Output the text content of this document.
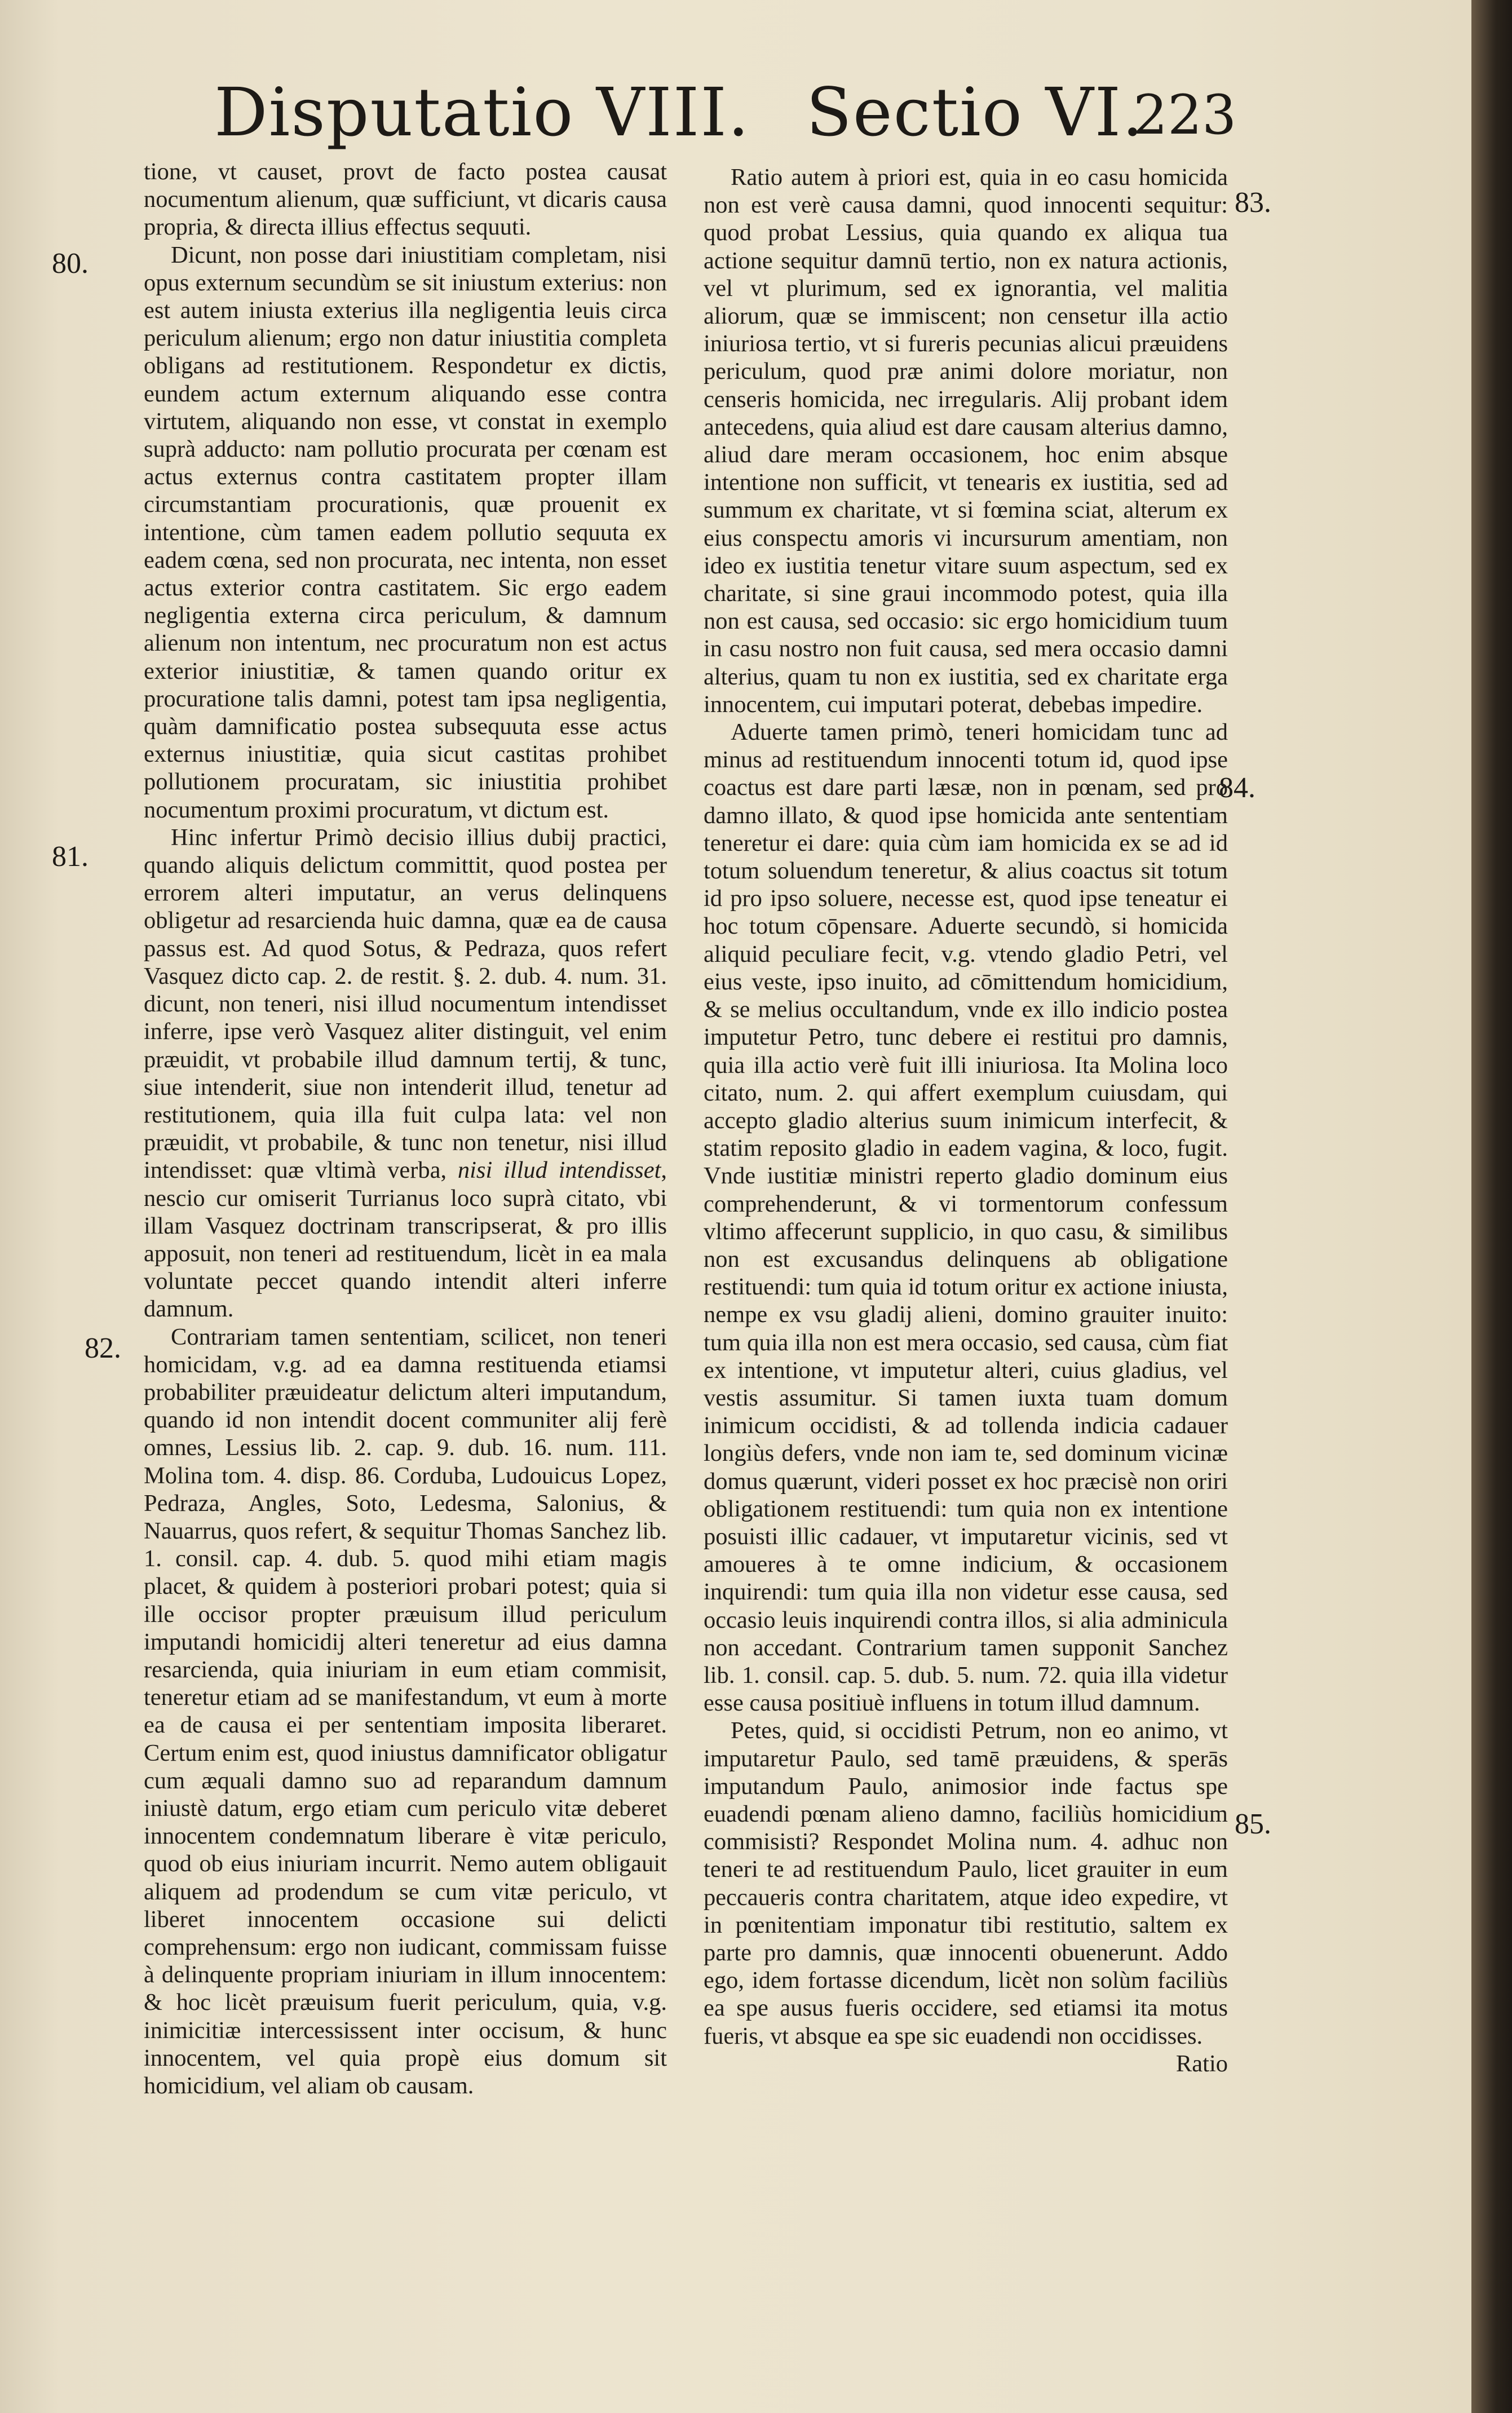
Disputatio VIII. Sectio VI.
223
80.
81.
82.
83.
84.
85.

tione, vt causet, provt de facto postea causat nocumentum alienum, quæ sufficiunt, vt dicaris causa propria, & directa illius effectus sequuti.

Dicunt, non posse dari iniustitiam completam, nisi opus externum secundùm se sit iniustum exterius: non est autem iniusta exterius illa negligentia leuis circa periculum alienum; ergo non datur iniustitia completa obligans ad restitutionem. Respondetur ex dictis, eundem actum externum aliquando esse contra virtutem, aliquando non esse, vt constat in exemplo suprà adducto: nam pollutio procurata per cœnam est actus externus contra castitatem propter illam circumstantiam procurationis, quæ prouenit ex intentione, cùm tamen eadem pollutio sequuta ex eadem cœna, sed non procurata, nec intenta, non esset actus exterior contra castitatem. Sic ergo eadem negligentia externa circa periculum, & damnum alienum non intentum, nec procuratum non est actus exterior iniustitiæ, & tamen quando oritur ex procuratione talis damni, potest tam ipsa negligentia, quàm damnificatio postea subsequuta esse actus externus iniustitiæ, quia sicut castitas prohibet pollutionem procuratam, sic iniustitia prohibet nocumentum proximi procuratum, vt dictum est.

Hinc infertur Primò decisio illius dubij practici, quando aliquis delictum committit, quod postea per errorem alteri imputatur, an verus delinquens obligetur ad resarcienda huic damna, quæ ea de causa passus est. Ad quod Sotus, & Pedraza, quos refert Vasquez dicto cap. 2. de restit. §. 2. dub. 4. num. 31. dicunt, non teneri, nisi illud nocumentum intendisset inferre, ipse verò Vasquez aliter distinguit, vel enim præuidit, vt probabile illud damnum tertij, & tunc, siue intenderit, siue non intenderit illud, tenetur ad restitutionem, quia illa fuit culpa lata: vel non præuidit, vt probabile, & tunc non tenetur, nisi illud intendisset: quæ vltimà verba, nisi illud intendisset, nescio cur omiserit Turrianus loco suprà citato, vbi illam Vasquez doctrinam transcripserat, & pro illis apposuit, non teneri ad restituendum, licèt in ea mala voluntate peccet quando intendit alteri inferre damnum.

Contrariam tamen sententiam, scilicet, non teneri homicidam, v.g. ad ea damna restituenda etiamsi probabiliter præuideatur delictum alteri imputandum, quando id non intendit docent communiter alij ferè omnes, Lessius lib. 2. cap. 9. dub. 16. num. 111. Molina tom. 4. disp. 86. Corduba, Ludouicus Lopez, Pedraza, Angles, Soto, Ledesma, Salonius, & Nauarrus, quos refert, & sequitur Thomas Sanchez lib. 1. consil. cap. 4. dub. 5. quod mihi etiam magis placet, & quidem à posteriori probari potest; quia si ille occisor propter præuisum illud periculum imputandi homicidij alteri teneretur ad eius damna resarcienda, quia iniuriam in eum etiam commisit, teneretur etiam ad se manifestandum, vt eum à morte ea de causa ei per sententiam imposita liberaret. Certum enim est, quod iniustus damnificator obligatur cum æquali damno suo ad reparandum damnum iniustè datum, ergo etiam cum periculo vitæ deberet innocentem condemnatum liberare è vitæ periculo, quod ob eius iniuriam incurrit. Nemo autem obligauit aliquem ad prodendum se cum vitæ periculo, vt liberet innocentem occasione sui delicti comprehensum: ergo non iudicant, commissam fuisse à delinquente propriam iniuriam in illum innocentem: & hoc licèt præuisum fuerit periculum, quia, v.g. inimicitiæ intercessissent inter occisum, & hunc innocentem, vel quia propè eius domum sit homicidium, vel aliam ob causam.

Ratio autem à priori est, quia in eo casu homicida non est verè causa damni, quod innocenti sequitur: quod probat Lessius, quia quando ex aliqua tua actione sequitur damnū tertio, non ex natura actionis, vel vt plurimum, sed ex ignorantia, vel malitia aliorum, quæ se immiscent; non censetur illa actio iniuriosa tertio, vt si fureris pecunias alicui præuidens periculum, quod præ animi dolore moriatur, non censeris homicida, nec irregularis. Alij probant idem antecedens, quia aliud est dare causam alterius damno, aliud dare meram occasionem, hoc enim absque intentione non sufficit, vt tenearis ex iustitia, sed ad summum ex charitate, vt si fœmina sciat, alterum ex eius conspectu amoris vi incursurum amentiam, non ideo ex iustitia tenetur vitare suum aspectum, sed ex charitate, si sine graui incommodo potest, quia illa non est causa, sed occasio: sic ergo homicidium tuum in casu nostro non fuit causa, sed mera occasio damni alterius, quam tu non ex iustitia, sed ex charitate erga innocentem, cui imputari poterat, debebas impedire.

Aduerte tamen primò, teneri homicidam tunc ad minus ad restituendum innocenti totum id, quod ipse coactus est dare parti læsæ, non in pœnam, sed pro damno illato, & quod ipse homicida ante sententiam teneretur ei dare: quia cùm iam homicida ex se ad id totum soluendum teneretur, & alius coactus sit totum id pro ipso soluere, necesse est, quod ipse teneatur ei hoc totum cōpensare. Aduerte secundò, si homicida aliquid peculiare fecit, v.g. vtendo gladio Petri, vel eius veste, ipso inuito, ad cōmittendum homicidium, & se melius occultandum, vnde ex illo indicio postea imputetur Petro, tunc debere ei restitui pro damnis, quia illa actio verè fuit illi iniuriosa. Ita Molina loco citato, num. 2. qui affert exemplum cuiusdam, qui accepto gladio alterius suum inimicum interfecit, & statim reposito gladio in eadem vagina, & loco, fugit. Vnde iustitiæ ministri reperto gladio dominum eius comprehenderunt, & vi tormentorum confessum vltimo affecerunt supplicio, in quo casu, & similibus non est excusandus delinquens ab obligatione restituendi: tum quia id totum oritur ex actione iniusta, nempe ex vsu gladij alieni, domino grauiter inuito: tum quia illa non est mera occasio, sed causa, cùm fiat ex intentione, vt imputetur alteri, cuius gladius, vel vestis assumitur. Si tamen iuxta tuam domum inimicum occidisti, & ad tollenda indicia cadauer longiùs defers, vnde non iam te, sed dominum vicinæ domus quærunt, videri posset ex hoc præcisè non oriri obligationem restituendi: tum quia non ex intentione posuisti illic cadauer, vt imputaretur vicinis, sed vt amoueres à te omne indicium, & occasionem inquirendi: tum quia illa non videtur esse causa, sed occasio leuis inquirendi contra illos, si alia adminicula non accedant. Contrarium tamen supponit Sanchez lib. 1. consil. cap. 5. dub. 5. num. 72. quia illa videtur esse causa positiuè influens in totum illud damnum.

Petes, quid, si occidisti Petrum, non eo animo, vt imputaretur Paulo, sed tamē præuidens, & sperās imputandum Paulo, animosior inde factus spe euadendi pœnam alieno damno, faciliùs homicidium commisisti? Respondet Molina num. 4. adhuc non teneri te ad restituendum Paulo, licet grauiter in eum peccaueris contra charitatem, atque ideo expedire, vt in pœnitentiam imponatur tibi restitutio, saltem ex parte pro damnis, quæ innocenti obuenerunt. Addo ego, idem fortasse dicendum, licèt non solùm faciliùs ea spe ausus fueris occidere, sed etiamsi ita motus fueris, vt absque ea spe sic euadendi non occidisses.

Ratio
